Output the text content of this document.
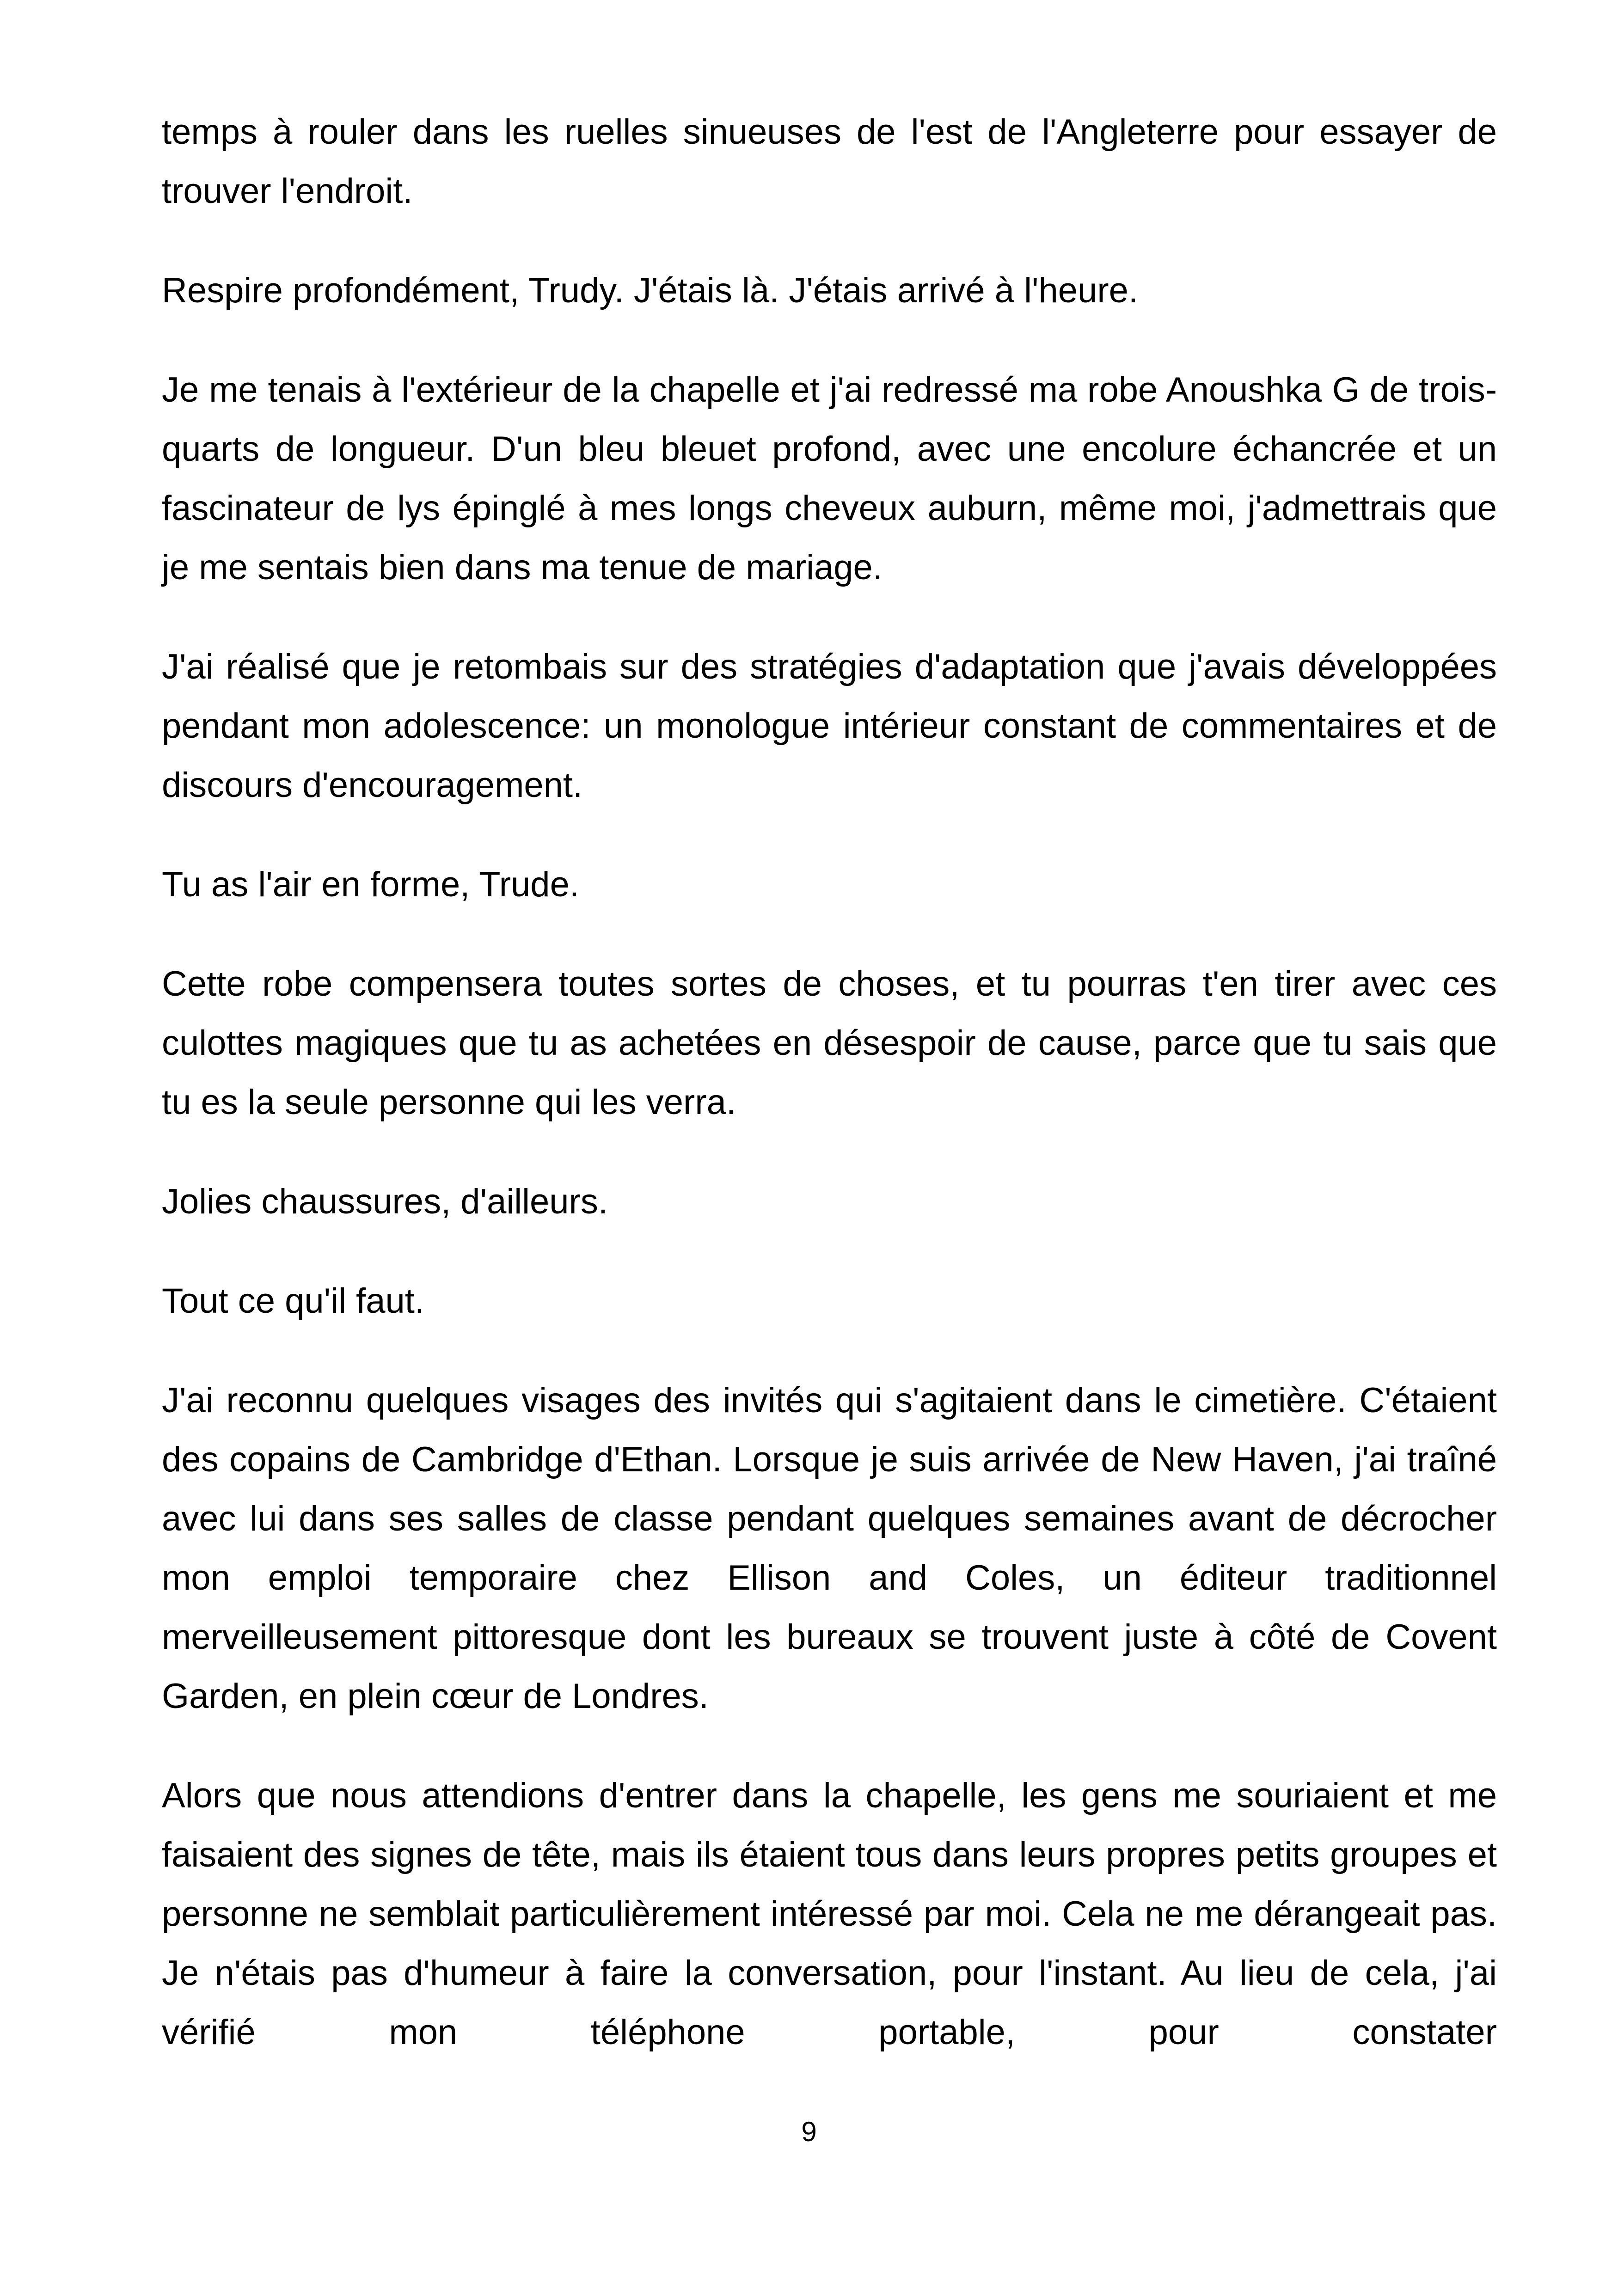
temps à rouler dans les ruelles sinueuses de l'est de l'Angleterre pour essayer de trouver l'endroit.

Respire profondément, Trudy. J'étais là. J'étais arrivé à l'heure.

Je me tenais à l'extérieur de la chapelle et j'ai redressé ma robe Anoushka G de trois-quarts de longueur. D'un bleu bleuet profond, avec une encolure échancrée et un fascinateur de lys épinglé à mes longs cheveux auburn, même moi, j'admettrais que je me sentais bien dans ma tenue de mariage.

J'ai réalisé que je retombais sur des stratégies d'adaptation que j'avais développées pendant mon adolescence: un monologue intérieur constant de commentaires et de discours d'encouragement.

Tu as l'air en forme, Trude.

Cette robe compensera toutes sortes de choses, et tu pourras t'en tirer avec ces culottes magiques que tu as achetées en désespoir de cause, parce que tu sais que tu es la seule personne qui les verra.

Jolies chaussures, d'ailleurs.

Tout ce qu'il faut.

J'ai reconnu quelques visages des invités qui s'agitaient dans le cimetière. C'étaient des copains de Cambridge d'Ethan. Lorsque je suis arrivée de New Haven, j'ai traîné avec lui dans ses salles de classe pendant quelques semaines avant de décrocher mon emploi temporaire chez Ellison and Coles, un éditeur traditionnel merveilleusement pittoresque dont les bureaux se trouvent juste à côté de Covent Garden, en plein cœur de Londres.

Alors que nous attendions d'entrer dans la chapelle, les gens me souriaient et me faisaient des signes de tête, mais ils étaient tous dans leurs propres petits groupes et personne ne semblait particulièrement intéressé par moi. Cela ne me dérangeait pas. Je n'étais pas d'humeur à faire la conversation, pour l'instant. Au lieu de cela, j'ai vérifié mon téléphone portable, pour constater

9
